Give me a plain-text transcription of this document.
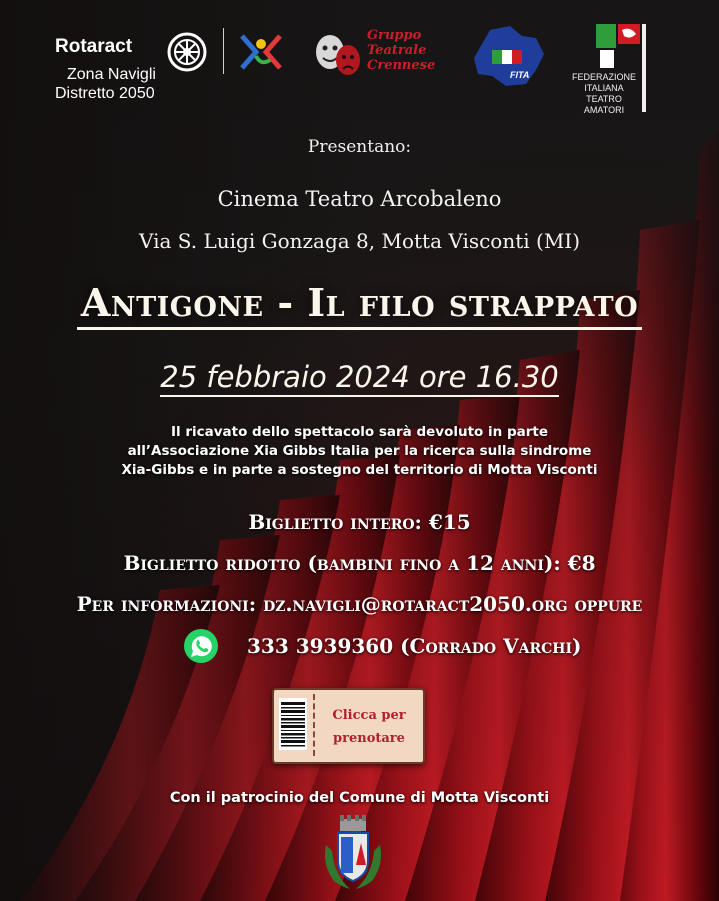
Rotaract
Zona Navigli
Distretto 2050
Gruppo
Teatrale
Crennese
FITA	FEDERAZIONE
ITALIANA
TEATRO
AMATORI
Presentano:
Cinema Teatro Arcobaleno
Via S. Luigi Gonzaga 8, Motta Visconti (MI)
Antigone - Il filo strappato
25 febbraio 2024 ore 16.30
Il ricavato dello spettacolo sarà devoluto in parte
all’Associazione Xia Gibbs Italia per la ricerca sulla sindrome
Xia-Gibbs e in parte a sostegno del territorio di Motta Visconti
Biglietto intero: €15
Biglietto ridotto (bambini fino a 12 anni): €8
Per informazioni: dz.navigli@rotaract2050.org oppure
333 3939360 (Corrado Varchi)
Clicca per
prenotare
Con il patrocinio del Comune di Motta Visconti
